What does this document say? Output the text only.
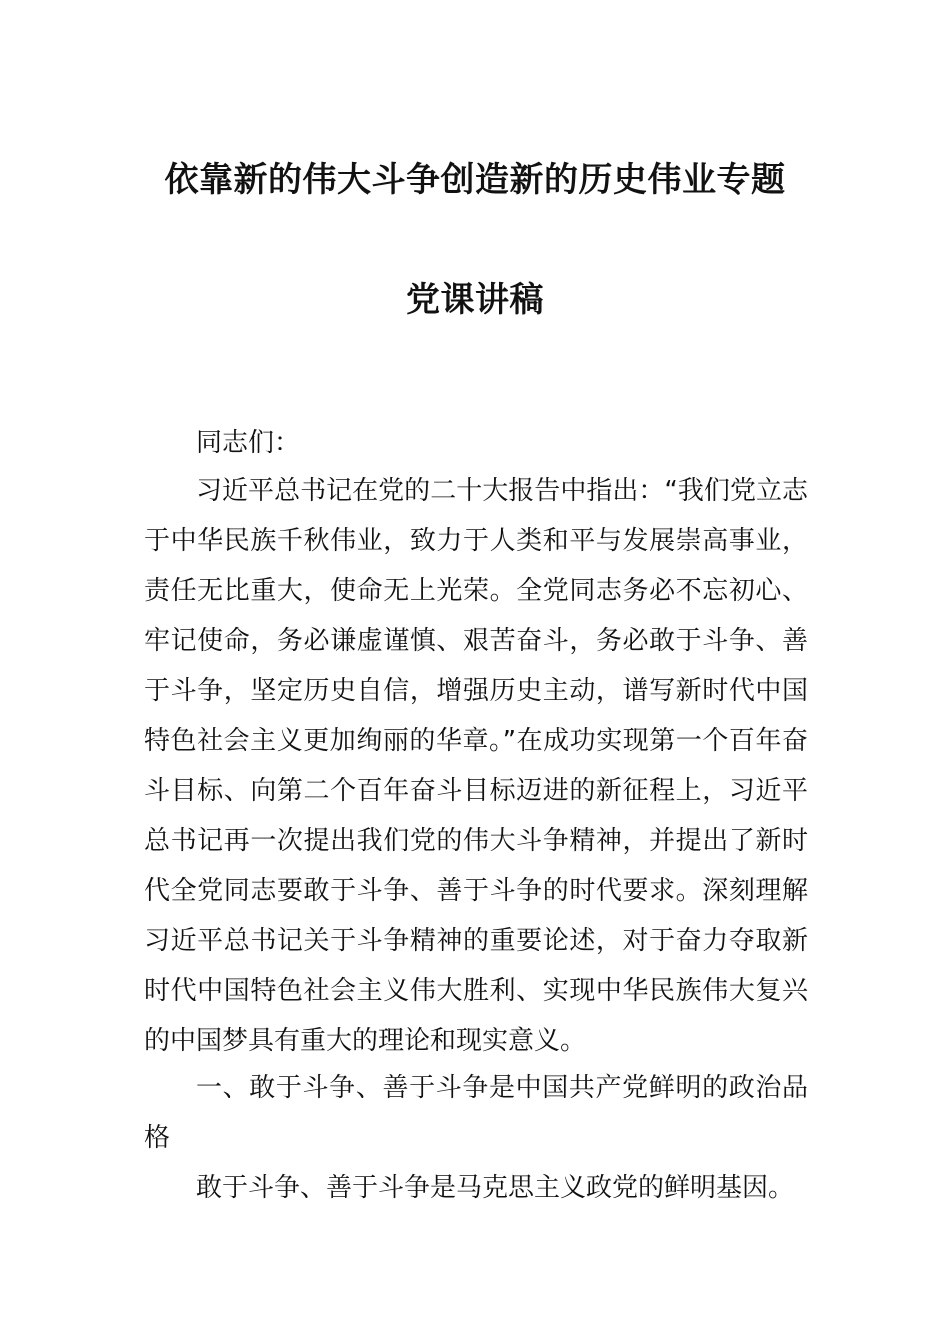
依靠新的伟大斗争创造新的历史伟业专题
党课讲稿
同志们：
习近平总书记在党的二十大报告中指出：“我们党立志于中华民族千秋伟业，致力于人类和平与发展崇高事业，责任无比重大，使命无上光荣。全党同志务必不忘初心、牢记使命，务必谦虚谨慎、艰苦奋斗，务必敢于斗争、善于斗争，坚定历史自信，增强历史主动，谱写新时代中国特色社会主义更加绚丽的华章。”在成功实现第一个百年奋斗目标、向第二个百年奋斗目标迈进的新征程上，习近平总书记再一次提出我们党的伟大斗争精神，并提出了新时代全党同志要敢于斗争、善于斗争的时代要求。深刻理解习近平总书记关于斗争精神的重要论述，对于奋力夺取新时代中国特色社会主义伟大胜利、实现中华民族伟大复兴的中国梦具有重大的理论和现实意义。
一、敢于斗争、善于斗争是中国共产党鲜明的政治品格
敢于斗争、善于斗争是马克思主义政党的鲜明基因。
